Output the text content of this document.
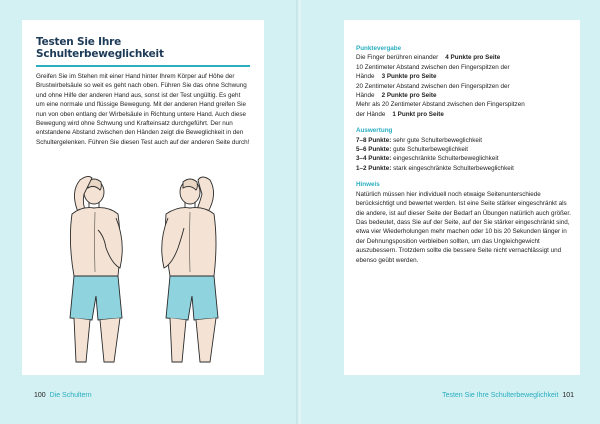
Testen Sie Ihre Schulterbeweglichkeit
Greifen Sie im Stehen mit einer Hand hinter Ihrem Körper auf Höhe der Brustwirbelsäule so weit es geht nach oben. Führen Sie das ohne Schwung und ohne Hilfe der anderen Hand aus, sonst ist der Test ungültig. Es geht um eine normale und flüssige Bewegung. Mit der anderen Hand greifen Sie nun von oben entlang der Wirbelsäule in Richtung untere Hand. Auch diese Bewegung wird ohne Schwung und Krafteinsatz durchgeführt. Der nun entstandene Abstand zwischen den Händen zeigt die Beweglichkeit in den Schultergelenken. Führen Sie diesen Test auch auf der anderen Seite durch!
100 Die Schultern
Punktevergabe
Die Finger berühren einander 4 Punkte pro Seite
10 Zentimeter Abstand zwischen den Fingerspitzen der
Hände 3 Punkte pro Seite
20 Zentimeter Abstand zwischen den Fingerspitzen der
Hände 2 Punkte pro Seite
Mehr als 20 Zentimeter Abstand zwischen den Fingerspitzen
der Hände 1 Punkt pro Seite
Auswertung
7–8 Punkte: sehr gute Schulterbeweglichkeit
5–6 Punkte: gute Schulterbeweglichkeit
3–4 Punkte: eingeschränkte Schulterbeweglichkeit
1–2 Punkte: stark eingeschränkte Schulterbeweglichkeit
Hinweis
Natürlich müssen hier individuell noch etwaige Seitenunterschiede berücksichtigt und bewertet werden. Ist eine Seite stärker eingeschränkt als die andere, ist auf dieser Seite der Bedarf an Übungen natürlich auch größer. Das bedeutet, dass Sie auf der Seite, auf der Sie stärker eingeschränkt sind, etwa vier Wiederholungen mehr machen oder 10 bis 20 Sekunden länger in der Dehnungsposition verbleiben sollten, um das Ungleichgewicht auszubessern. Trotzdem sollte die bessere Seite nicht vernachlässigt und ebenso geübt werden.
Testen Sie Ihre Schulterbeweglichkeit 101
